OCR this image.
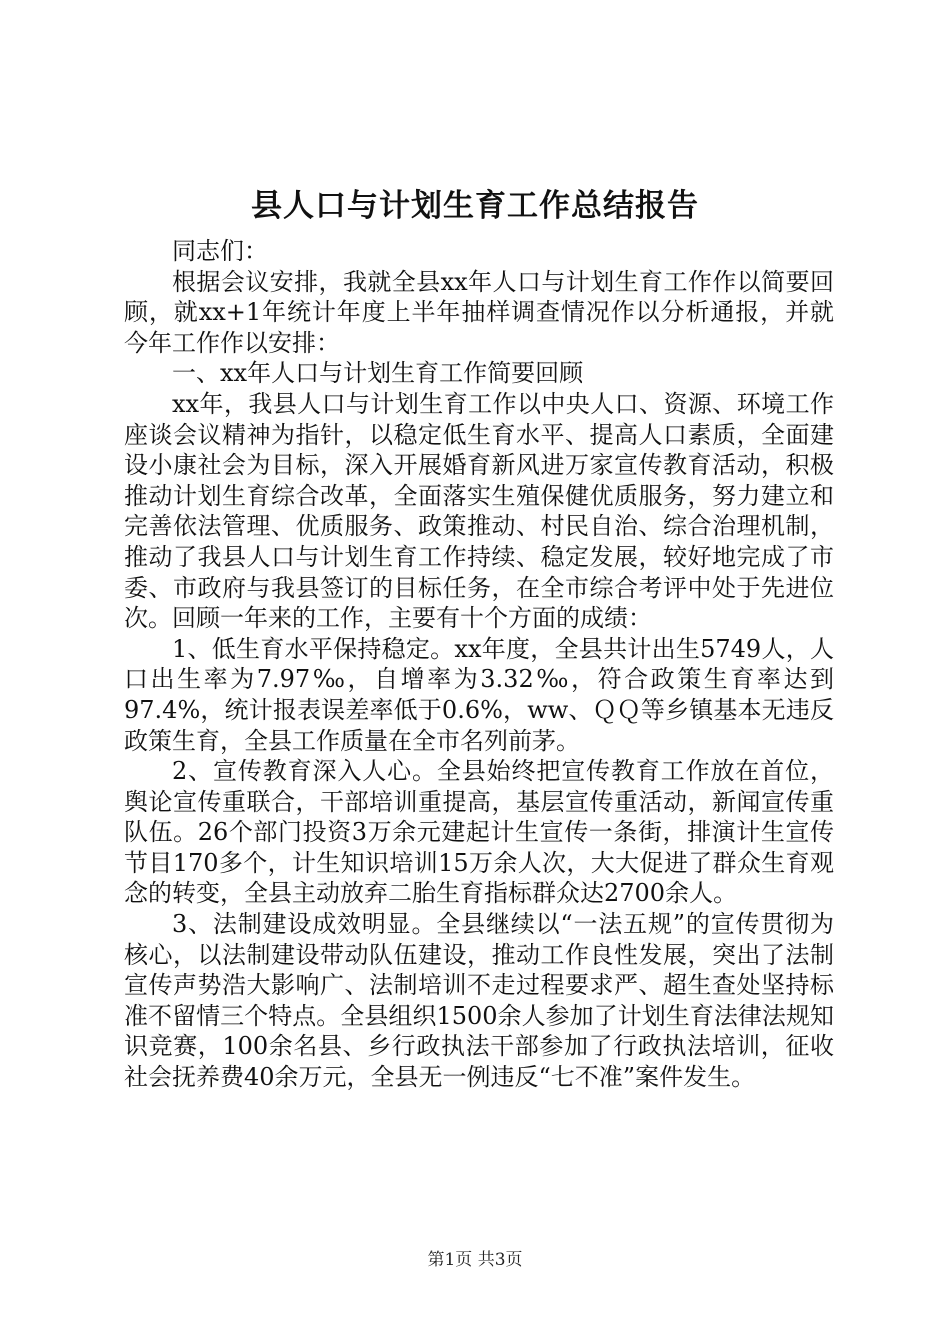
县人口与计划生育工作总结报告

同志们：

根据会议安排，我就全县xx年人口与计划生育工作作以简要回顾，就xx+1年统计年度上半年抽样调查情况作以分析通报，并就今年工作作以安排：

一、xx年人口与计划生育工作简要回顾

xx年，我县人口与计划生育工作以中央人口、资源、环境工作座谈会议精神为指针，以稳定低生育水平、提高人口素质，全面建设小康社会为目标，深入开展婚育新风进万家宣传教育活动，积极推动计划生育综合改革，全面落实生殖保健优质服务，努力建立和完善依法管理、优质服务、政策推动、村民自治、综合治理机制，推动了我县人口与计划生育工作持续、稳定发展，较好地完成了市委、市政府与我县签订的目标任务，在全市综合考评中处于先进位次。回顾一年来的工作，主要有十个方面的成绩：

1、低生育水平保持稳定。xx年度，全县共计出生5749人，人口出生率为7.97‰，自增率为3.32‰，符合政策生育率达到97.4%，统计报表误差率低于0.6%，ww、ＱＱ等乡镇基本无违反政策生育，全县工作质量在全市名列前茅。

2、宣传教育深入人心。全县始终把宣传教育工作放在首位，舆论宣传重联合，干部培训重提高，基层宣传重活动，新闻宣传重队伍。26个部门投资3万余元建起计生宣传一条街，排演计生宣传节目170多个，计生知识培训15万余人次，大大促进了群众生育观念的转变，全县主动放弃二胎生育指标群众达2700余人。

3、法制建设成效明显。全县继续以“一法五规”的宣传贯彻为核心，以法制建设带动队伍建设，推动工作良性发展，突出了法制宣传声势浩大影响广、法制培训不走过程要求严、超生查处坚持标准不留情三个特点。全县组织1500余人参加了计划生育法律法规知识竞赛，100余名县、乡行政执法干部参加了行政执法培训，征收社会抚养费40余万元，全县无一例违反“七不准”案件发生。

第1页 共3页
